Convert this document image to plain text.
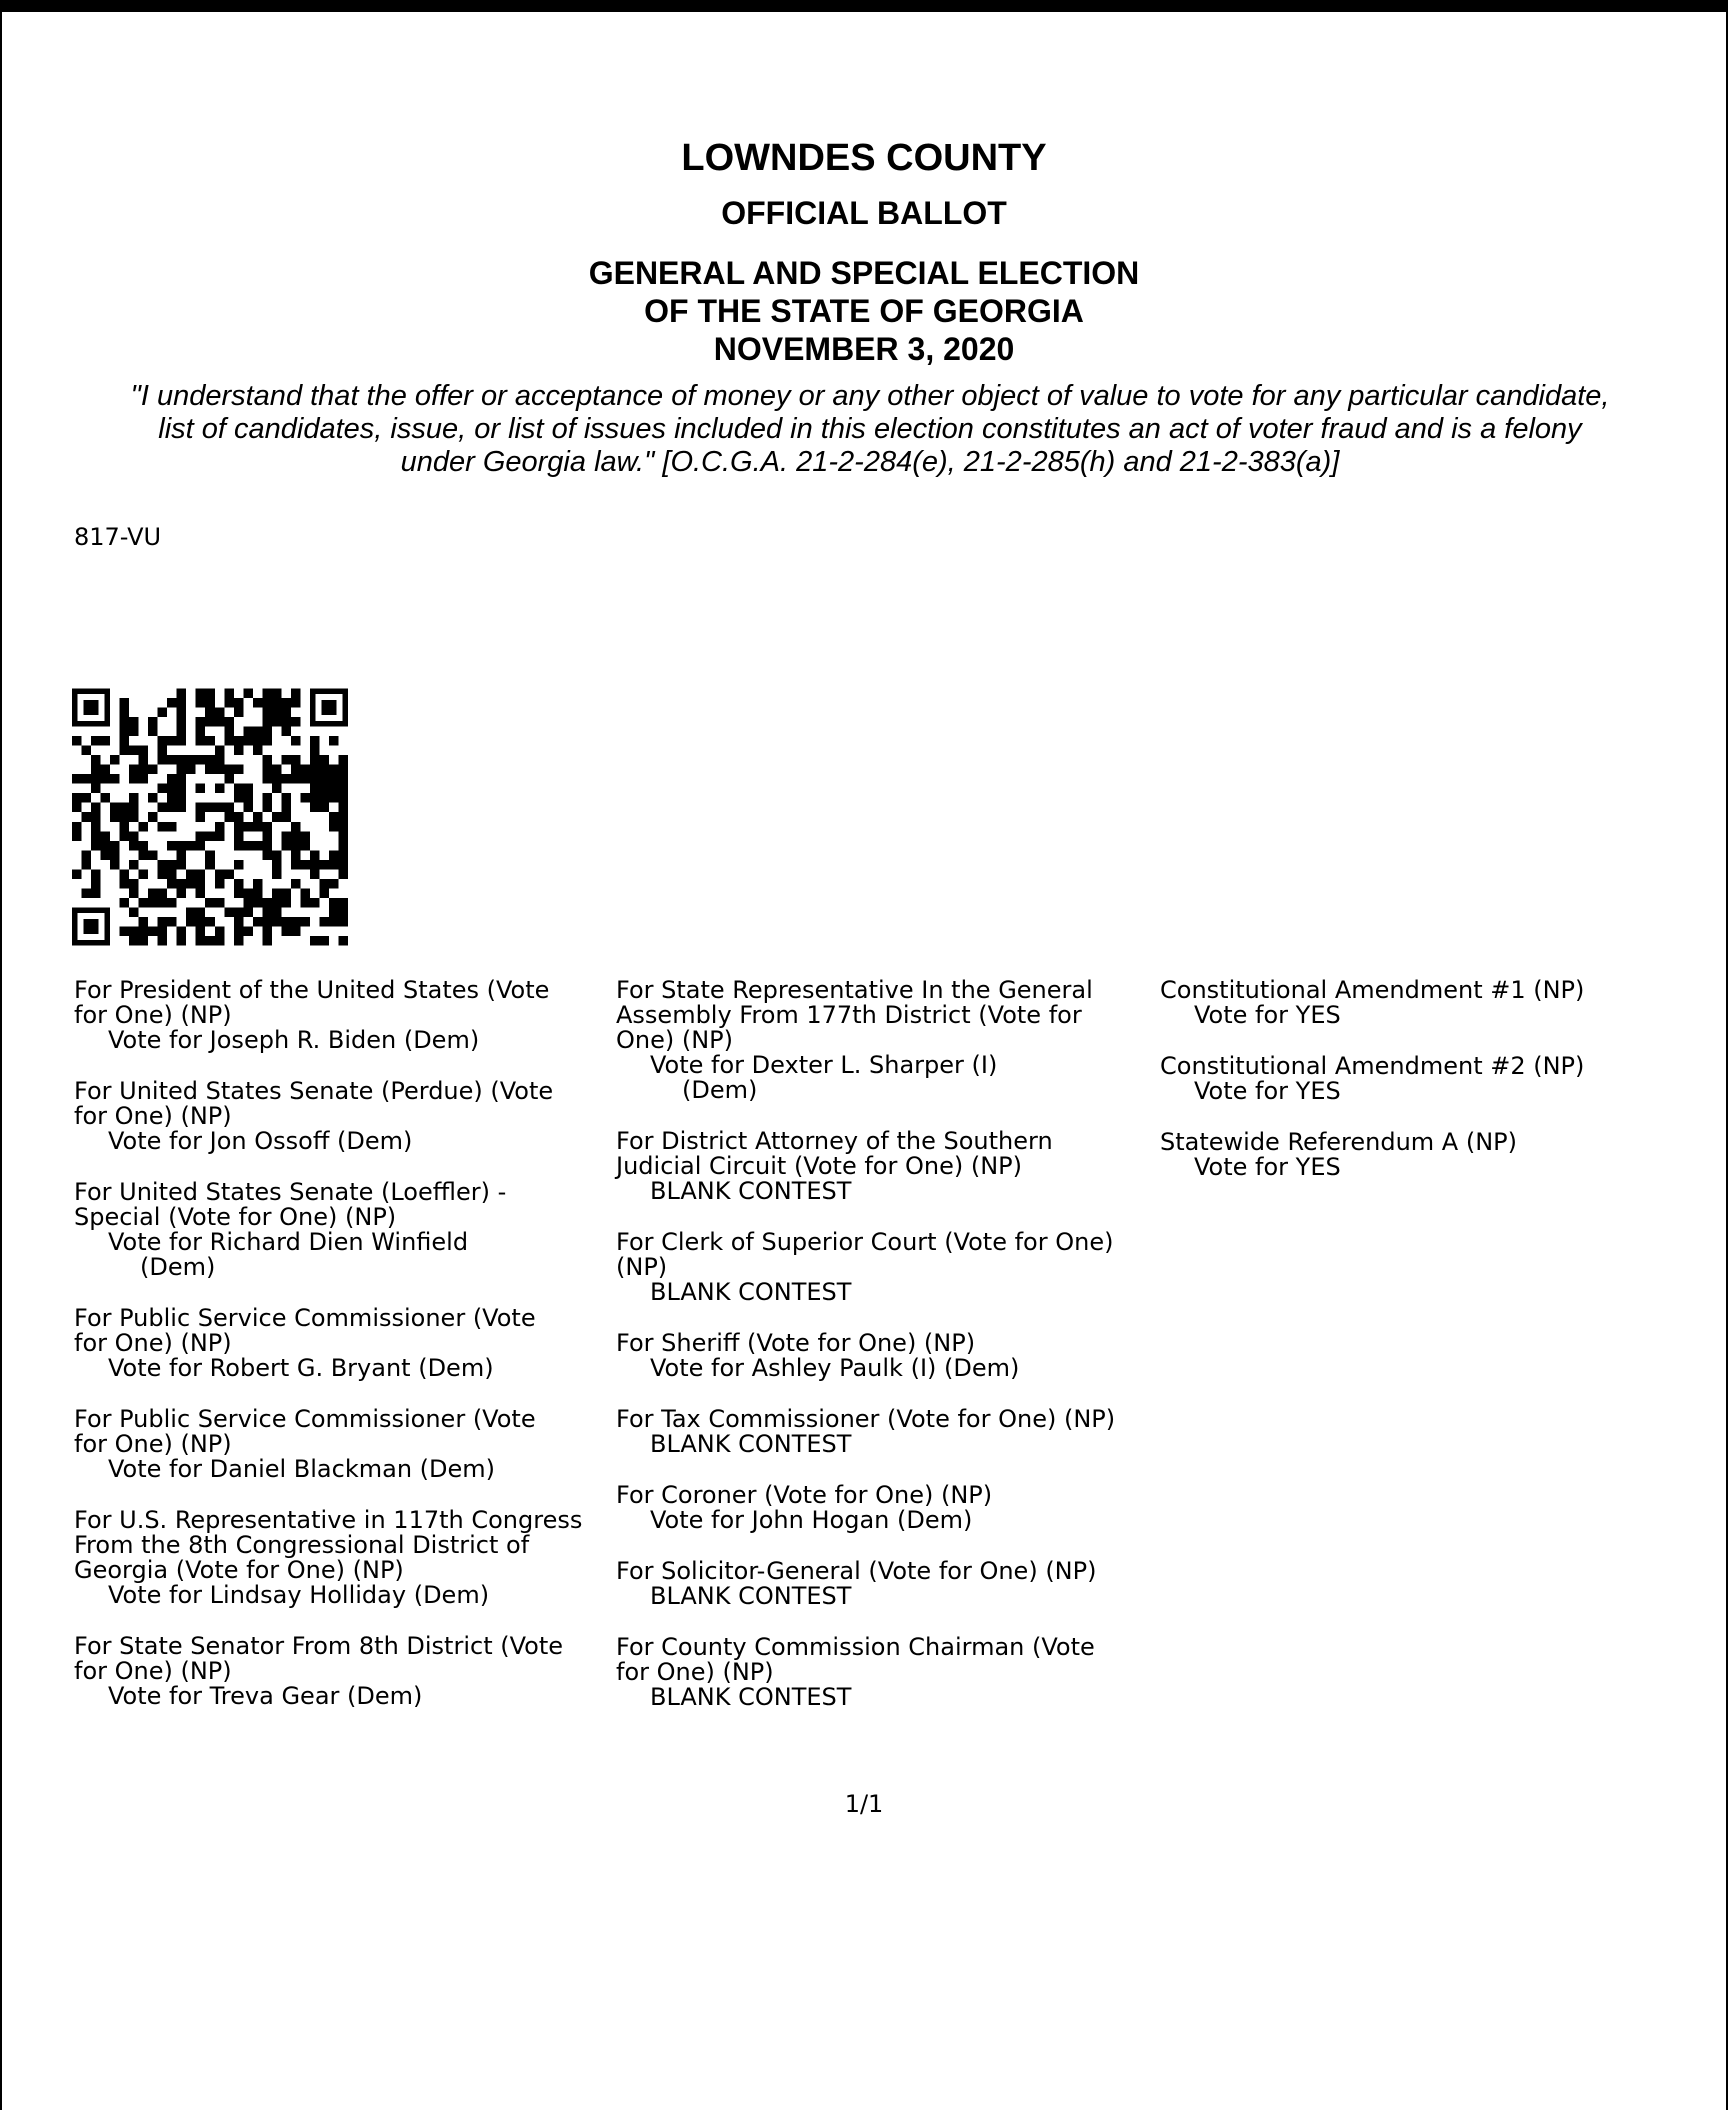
LOWNDES COUNTY
OFFICIAL BALLOT
GENERAL AND SPECIAL ELECTION
OF THE STATE OF GEORGIA
NOVEMBER 3, 2020
"I understand that the offer or acceptance of money or any other object of value to vote for any particular candidate,
list of candidates, issue, or list of issues included in this election constitutes an act of voter fraud and is a felony
under Georgia law." [O.C.G.A. 21-2-284(e), 21-2-285(h) and 21-2-383(a)]
817-VU
For President of the United States (Vote
for One) (NP)
Vote for Joseph R. Biden (Dem)
For United States Senate (Perdue) (Vote
for One) (NP)
Vote for Jon Ossoff (Dem)
For United States Senate (Loeffler) -
Special (Vote for One) (NP)
Vote for Richard Dien Winfield
(Dem)
For Public Service Commissioner (Vote
for One) (NP)
Vote for Robert G. Bryant (Dem)
For Public Service Commissioner (Vote
for One) (NP)
Vote for Daniel Blackman (Dem)
For U.S. Representative in 117th Congress
From the 8th Congressional District of
Georgia (Vote for One) (NP)
Vote for Lindsay Holliday (Dem)
For State Senator From 8th District (Vote
for One) (NP)
Vote for Treva Gear (Dem)
For State Representative In the General
Assembly From 177th District (Vote for
One) (NP)
Vote for Dexter L. Sharper (I)
(Dem)
For District Attorney of the Southern
Judicial Circuit (Vote for One) (NP)
BLANK CONTEST
For Clerk of Superior Court (Vote for One)
(NP)
BLANK CONTEST
For Sheriff (Vote for One) (NP)
Vote for Ashley Paulk (I) (Dem)
For Tax Commissioner (Vote for One) (NP)
BLANK CONTEST
For Coroner (Vote for One) (NP)
Vote for John Hogan (Dem)
For Solicitor-General (Vote for One) (NP)
BLANK CONTEST
For County Commission Chairman (Vote
for One) (NP)
BLANK CONTEST
Constitutional Amendment #1 (NP)
Vote for YES
Constitutional Amendment #2 (NP)
Vote for YES
Statewide Referendum A (NP)
Vote for YES
1/1
